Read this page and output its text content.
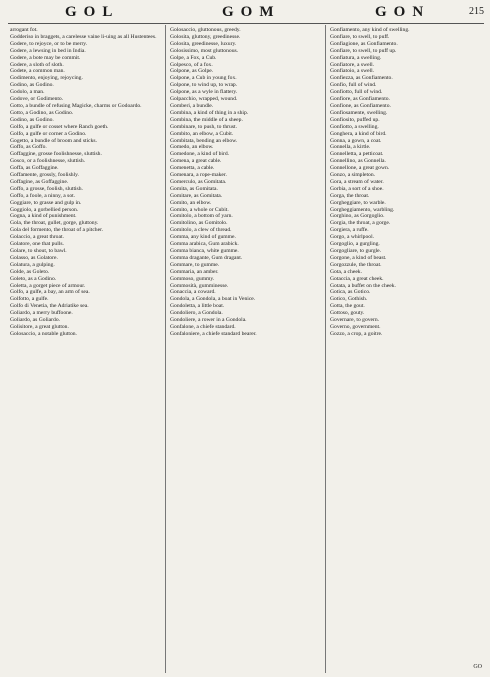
GOL	GOM	GON	215

arrogant fot.

Godderiso in braggets, a carelesse vaine li-uing as all Hustentees.

Godere, to rejoyce, or to be merry.

Godere, a lewsing in bed in India.

Godere, a bote may be commit.

Godere, a sloth of sloth.

Godete, a common man.

Godimento, enjoying, rejoycing.

Godino, as Godino.

Godolo, a man.

Godove, or Godimento.

Gotto, a bundle of refusing Magicke, charms or Godoardo.

Gotto, a Godino, as Godino.

Godino, as Godino.

Golfo, a gulfe or cosset where Ranch goeth.

Golfo, a gulfe or corner a Godino.

Gogetto, a bundle of broom and sticks.

Goffo, as Goffo.

Goffaggine, grosse foolishnesse, sluttish.

Gosco, or a foolishnesse, sluttish.

Goffa, as Goffaggine.

Goffamente, grossly, foolishly.

Goffagine, as Goffaggine.

Goffo, a grosse, foolish, sluttish.

Goffo, a foole, a ninny, a sot.

Goggiare, to grasse and gulp in.

Goggiolo, a gorbellied person.

Gogna, a kind of punishment.

Gola, the throat, gullet, gorge, gluttony.

Gola del formento, the throat of a pitcher.

Golaccio, a great throat.

Golatore, one that pulls.

Golare, to shout, to bawl.

Golasso, as Golatore.

Golatura, a gulping.

Golde, as Goleto.

Goleto, as a Godino.

Goletta, a gorget piece of armour.

Golfo, a gulfe, a bay, an arm of sea.

Golfotto, a gulfe.

Golfo di Venetia, the Adriatike sea.

Goliardo, a merry buffoone.

Goliardo, as Goliardo.

Golisitore, a great glutton.

Golosaccio, a notable glutton.

Golosaccio, gluttonous, greedy.

Golosita, gluttony, greedinesse.

Golosita, greedinesse, luxury.

Golosissimo, most gluttonous.

Golpe, a Fox, a Cub.

Golpesco, of a fox.

Golpone, as Golpe.

Golpone, a Cub in young fox.

Golpone, to wind up, to wrap.

Golpone, as a wyle in flattery.

Golpacchio, wrapped, wound.

Gomberi, a bundle.

Gombina, a kind of thing in a ship.

Gombina, the middle of a sheep.

Gombinare, to push, to thrust.

Gombito, an elbow, a Cubit.

Gombitata, bending an elbow.

Gomedo, an elbow.

Gomedone, a kind of bird.

Gomena, a great cable.

Gomenetta, a cable.

Gomenara, a rope-maker.

Gomerculo, as Gomitata.

Gomita, as Gomitata.

Gomitare, as Gomitata.

Gomito, an elbow.

Gomito, a whole or Cubit.

Gomitolo, a bottom of yarn.

Gomitolino, as Gomitolo.

Gomitolo, a clew of thread.

Gomma, any kind of gumme.

Gomma arabica, Gum arabick.

Gomma bianca, white gumme.

Gomma dragante, Gum dragant.

Gommare, to gumme.

Gommaria, an amber.

Gommoso, gummy.

Gommosità, gumminesse.

Gonaccia, a coward.

Gondola, a Gondola, a boat in Venice.

Gondoletta, a little boat.

Gondoliero, a Gondola.

Gondoliere, a rower in a Gondola.

Gonfalone, a chiefe standard.

Gonfaloniere, a chiefe standard bearer.

Gonfiamento, any kind of swelling.

Gonfiare, to swell, to puff.

Gonfiagione, as Gonfiamento.

Gonfiare, to swell, to puff up.

Gonfiatura, a swelling.

Gonfiatore, a swell.

Gonfiatoio, a swell.

Gonfiezza, as Gonfiamento.

Gonfio, full of wind.

Gonfiotto, full of wind.

Gonfiore, as Gonfiamento.

Gonfione, as Gonfiamento.

Gonfiosamente, swelling.

Gonfiosito, puffed up.

Gonfiotto, a swelling.

Gonghera, a kind of bird.

Gonna, a gown, a coat.

Gonnella, a kirtle.

Gonnelletta, a petticoat.

Gonnellino, as Gonnella.

Gonnellone, a great gown.

Gonzo, a simpleton.

Gora, a stream of water.

Gorbia, a sort of a shoe.

Gorga, the throat.

Gorgheggiare, to warble.

Gorgheggiamento, warbling.

Gorghino, as Gorgoglio.

Gorgia, the throat, a gorge.

Gorgiera, a ruffe.

Gorgo, a whirlpool.

Gorgoglio, a gurgling.

Gorgogliare, to gurgle.

Gorgone, a kind of beast.

Gorgozzule, the throat.

Gota, a cheek.

Gotaccia, a great cheek.

Gotata, a buffet on the cheek.

Gotica, as Gotico.

Gotico, Gothish.

Gotta, the gout.

Gottoso, gouty.

Governare, to govern.

Governo, government.

Gozzo, a crop, a goitre.

GO
